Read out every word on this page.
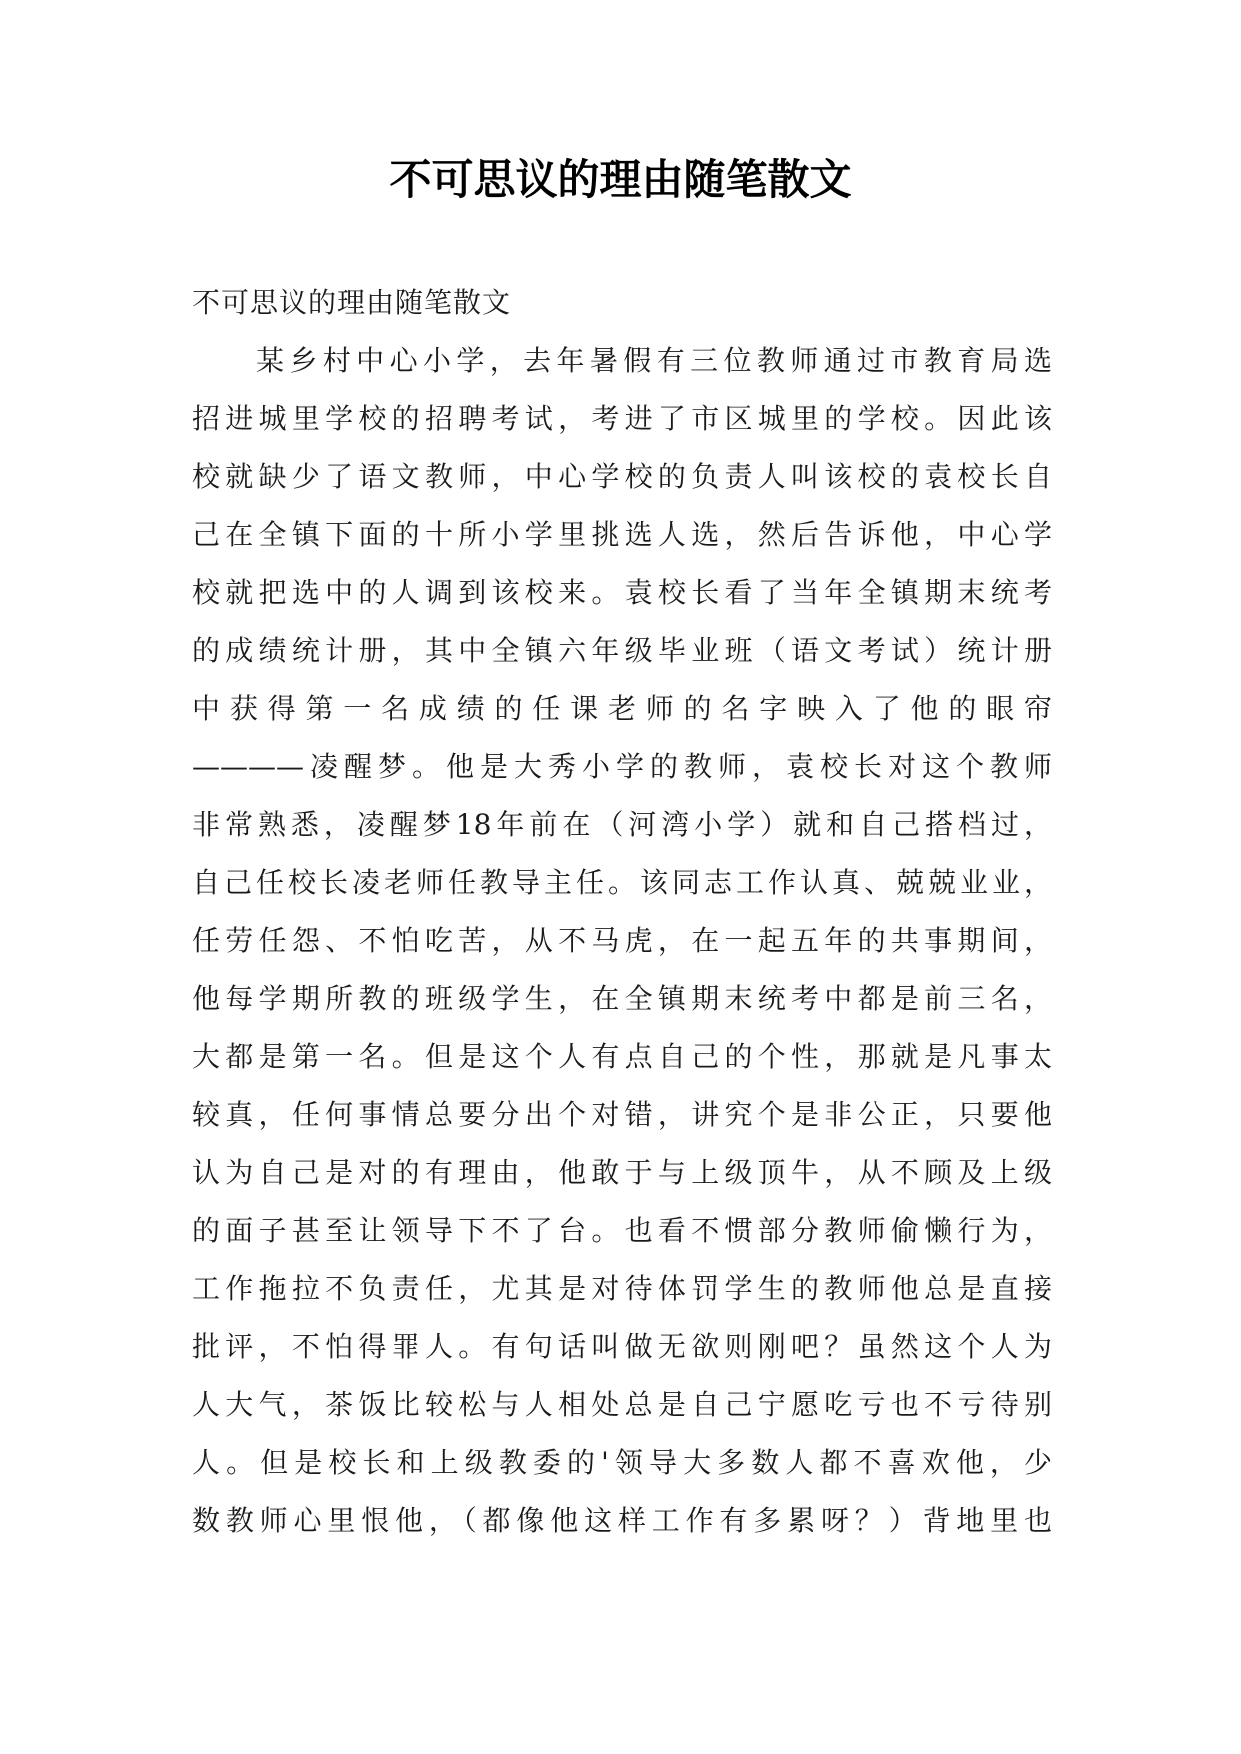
不可思议的理由随笔散文

不可思议的理由随笔散文

某乡村中心小学，去年暑假有三位教师通过市教育局选

招进城里学校的招聘考试，考进了市区城里的学校。因此该

校就缺少了语文教师，中心学校的负责人叫该校的袁校长自

己在全镇下面的十所小学里挑选人选，然后告诉他，中心学

校就把选中的人调到该校来。袁校长看了当年全镇期末统考

的成绩统计册，其中全镇六年级毕业班（语文考试）统计册

中获得第一名成绩的任课老师的名字映入了他的眼帘

————凌醒梦。他是大秀小学的教师，袁校长对这个教师

非常熟悉，凌醒梦18年前在（河湾小学）就和自己搭档过，

自己任校长凌老师任教导主任。该同志工作认真、兢兢业业，

任劳任怨、不怕吃苦，从不马虎，在一起五年的共事期间，

他每学期所教的班级学生，在全镇期末统考中都是前三名，

大都是第一名。但是这个人有点自己的个性，那就是凡事太

较真，任何事情总要分出个对错，讲究个是非公正，只要他

认为自己是对的有理由，他敢于与上级顶牛，从不顾及上级

的面子甚至让领导下不了台。也看不惯部分教师偷懒行为，

工作拖拉不负责任，尤其是对待体罚学生的教师他总是直接

批评，不怕得罪人。有句话叫做无欲则刚吧？虽然这个人为

人大气，茶饭比较松与人相处总是自己宁愿吃亏也不亏待别

人。但是校长和上级教委的'领导大多数人都不喜欢他，少

数教师心里恨他，（都像他这样工作有多累呀？）背地里也
